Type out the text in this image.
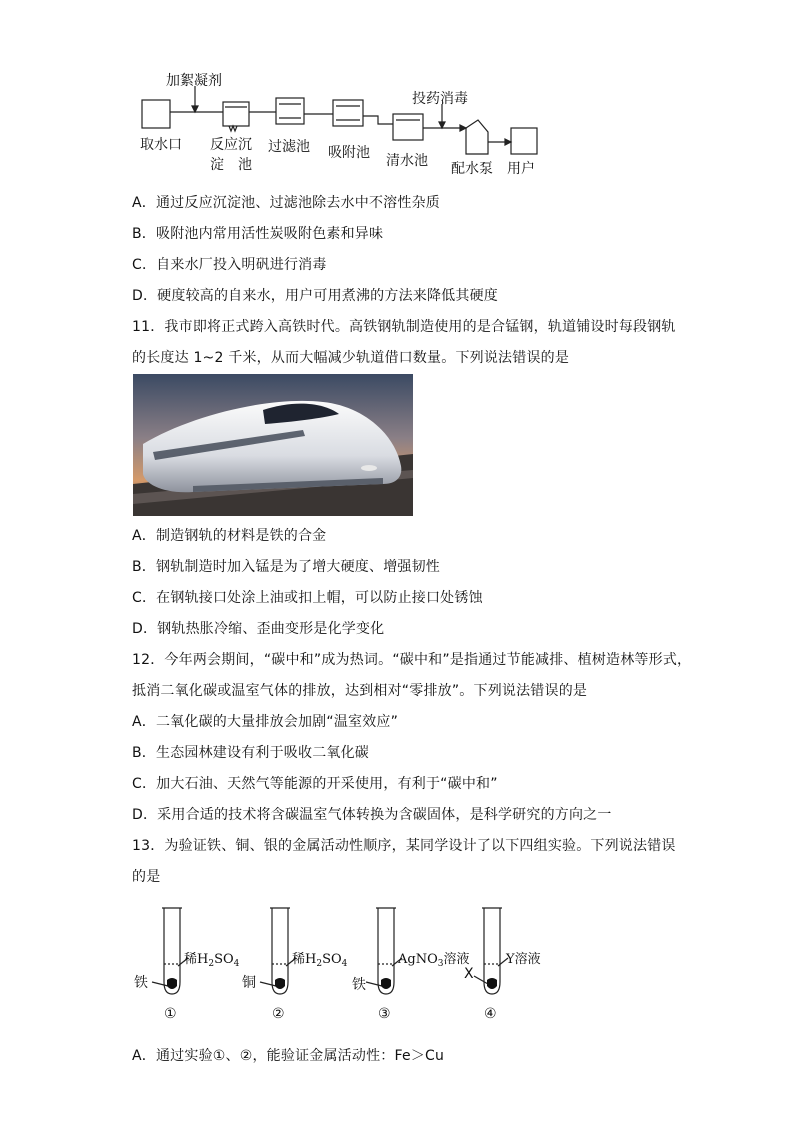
加絮凝剂
投药消毒
取水口 反应沉
淀　池
过滤池 吸附池 清水池 配水泵 用户
A．通过反应沉淀池、过滤池除去水中不溶性杂质
B．吸附池内常用活性炭吸附色素和异味
C．自来水厂投入明矾进行消毒
D．硬度较高的自来水，用户可用煮沸的方法来降低其硬度
11．我市即将正式跨入高铁时代。高铁钢轨制造使用的是合锰钢，轨道铺设时每段钢轨
的长度达 1~2 千米，从而大幅减少轨道借口数量。下列说法错误的是
A．制造钢轨的材料是铁的合金
B．钢轨制造时加入锰是为了增大硬度、增强韧性
C．在钢轨接口处涂上油或扣上帽，可以防止接口处锈蚀
D．钢轨热胀冷缩、歪曲变形是化学变化
12．今年两会期间，“碳中和”成为热词。“碳中和”是指通过节能减排、植树造林等形式，
抵消二氧化碳或温室气体的排放，达到相对“零排放”。下列说法错误的是
A．二氧化碳的大量排放会加剧“温室效应”
B．生态园林建设有利于吸收二氧化碳
C．加大石油、天然气等能源的开采使用，有利于“碳中和”
D．采用合适的技术将含碳温室气体转换为含碳固体，是科学研究的方向之一
13．为验证铁、铜、银的金属活动性顺序，某同学设计了以下四组实验。下列说法错误
的是
稀$H_2SO_4$
铁
①
稀$H_2SO_4$
铜
②
AgNO$_3$溶液
铁
③
Y溶液
X
④
A．通过实验①、②，能验证金属活动性：Fe＞Cu
